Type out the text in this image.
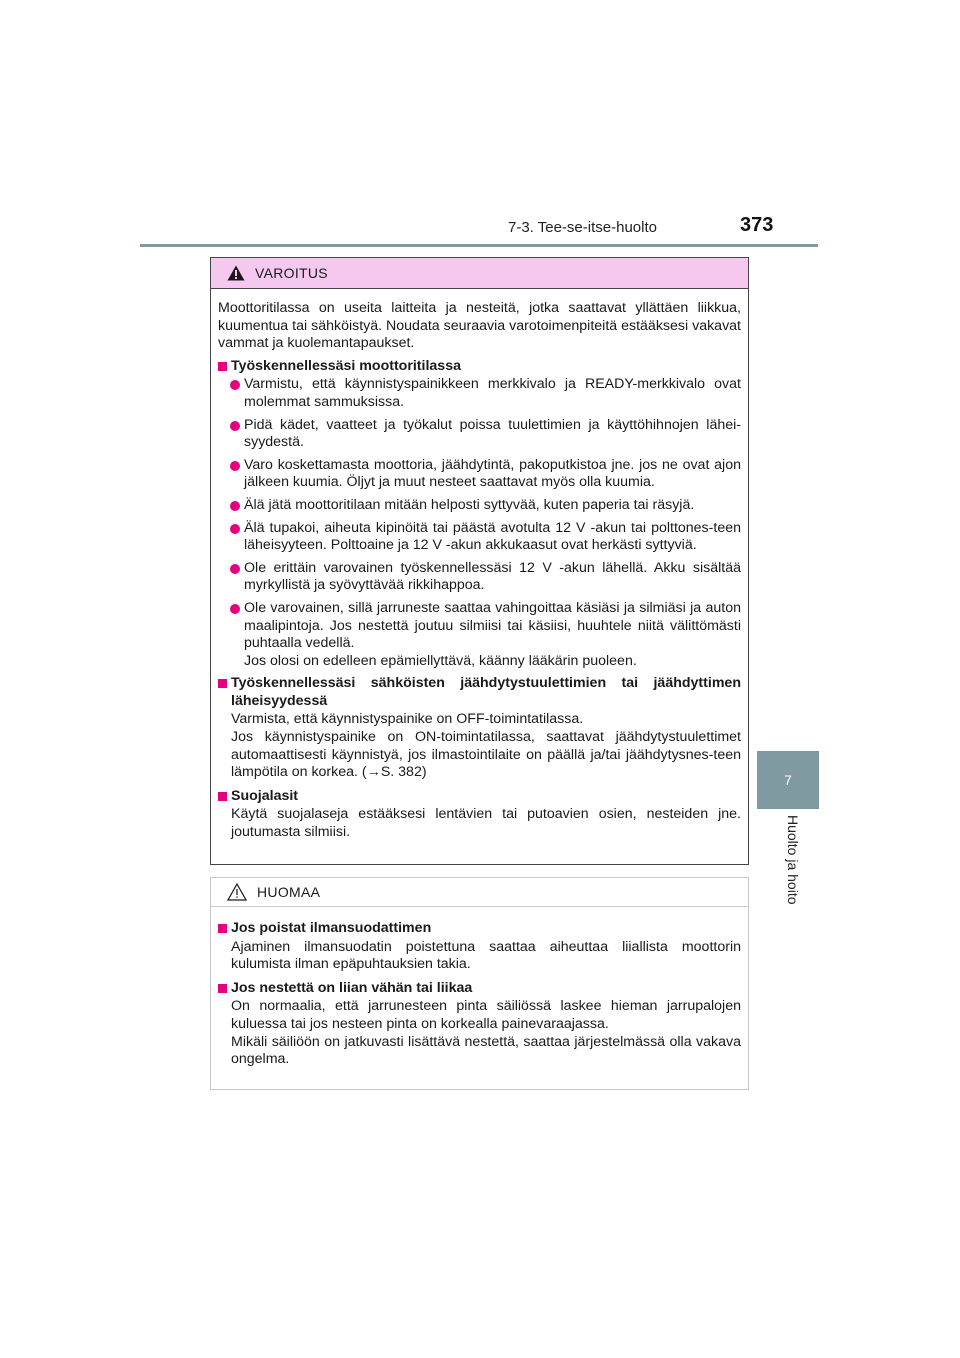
7-3. Tee-se-itse-huolto	373
7
Huolto ja hoito
VAROITUS

Moottoritilassa on useita laitteita ja nesteitä, jotka saattavat yllättäen liikkua, kuumentua tai sähköistyä. Noudata seuraavia varotoimenpiteitä estääksesi vakavat vammat ja kuolemantapaukset.

Työskennellessäsi moottoritilassa
Varmistu, että käynnistyspainikkeen merkkivalo ja READY-merkkivalo ovat molemmat sammuksissa.
Pidä kädet, vaatteet ja työkalut poissa tuulettimien ja käyttöhihnojen lähei-syydestä.
Varo koskettamasta moottoria, jäähdytintä, pakoputkistoa jne. jos ne ovat ajon jälkeen kuumia. Öljyt ja muut nesteet saattavat myös olla kuumia.
Älä jätä moottoritilaan mitään helposti syttyvää, kuten paperia tai räsyjä.
Älä tupakoi, aiheuta kipinöitä tai päästä avotulta 12 V -akun tai polttones-teen läheisyyteen. Polttoaine ja 12 V -akun akkukaasut ovat herkästi syttyviä.
Ole erittäin varovainen työskennellessäsi 12 V -akun lähellä. Akku sisältää myrkyllistä ja syövyttävää rikkihappoa.
Ole varovainen, sillä jarruneste saattaa vahingoittaa käsiäsi ja silmiäsi ja auton maalipintoja. Jos nestettä joutuu silmiisi tai käsiisi, huuhtele niitä välittömästi puhtaalla vedellä.
Jos olosi on edelleen epämiellyttävä, käänny lääkärin puoleen.
Työskennellessäsi sähköisten jäähdytystuulettimien tai jäähdyttimen läheisyydessä
Varmista, että käynnistyspainike on OFF-toimintatilassa.
Jos käynnistyspainike on ON-toimintatilassa, saattavat jäähdytystuulettimet automaattisesti käynnistyä, jos ilmastointilaite on päällä ja/tai jäähdytysnes-teen lämpötila on korkea. (→S. 382)
Suojalasit
Käytä suojalaseja estääksesi lentävien tai putoavien osien, nesteiden jne. joutumasta silmiisi.
HUOMAA
Jos poistat ilmansuodattimen
Ajaminen ilmansuodatin poistettuna saattaa aiheuttaa liiallista moottorin kulumista ilman epäpuhtauksien takia.
Jos nestettä on liian vähän tai liikaa
On normaalia, että jarrunesteen pinta säiliössä laskee hieman jarrupalojen kuluessa tai jos nesteen pinta on korkealla painevaraajassa.
Mikäli säiliöön on jatkuvasti lisättävä nestettä, saattaa järjestelmässä olla vakava ongelma.
